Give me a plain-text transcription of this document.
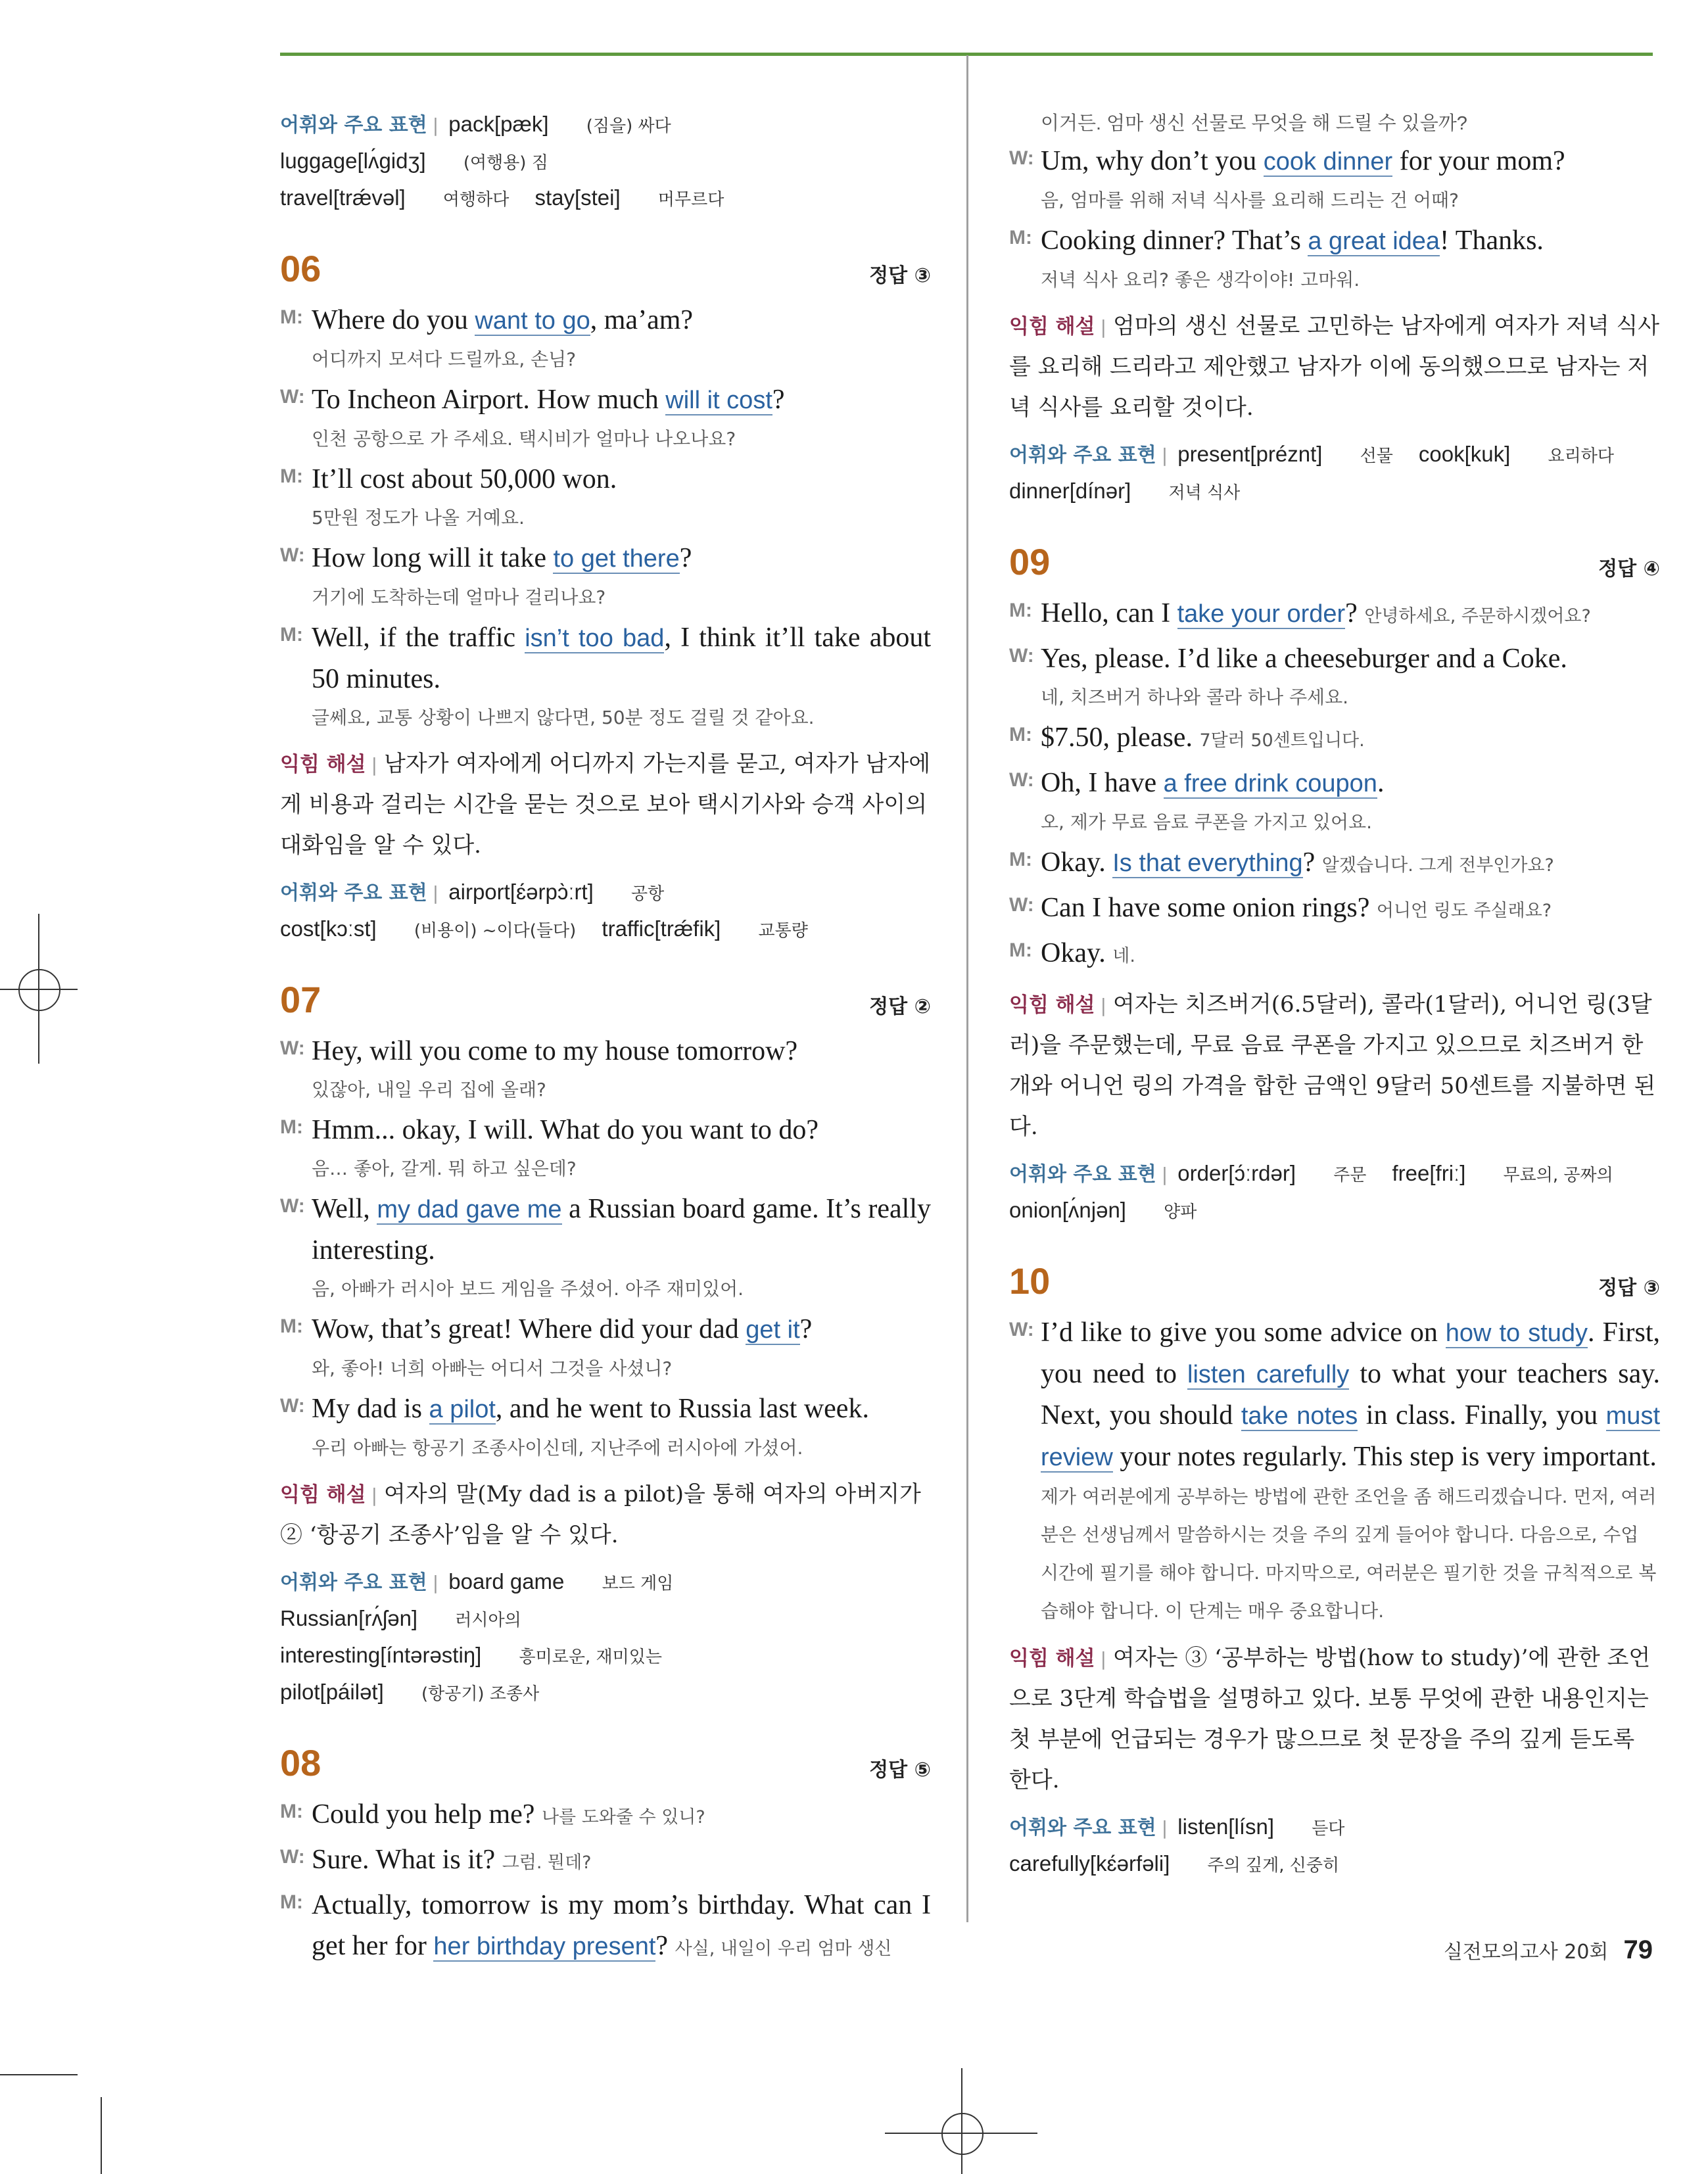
어휘와 주요 표현 | pack[pæk] (짐을) 싸다 luggage[lʌ́gidʒ] (여행용) 짐
travel[trǽvəl] 여행하다 stay[stei] 머무르다
06	정답 ③
M: Where do you want to go, ma’am?
어디까지 모셔다 드릴까요, 손님?
W: To Incheon Airport. How much will it cost?
인천 공항으로 가 주세요. 택시비가 얼마나 나오나요?
M: It’ll cost about 50,000 won.
5만원 정도가 나올 거예요.
W: How long will it take to get there?
거기에 도착하는데 얼마나 걸리나요?
M: Well, if the traffic isn’t too bad, I think it’ll take about 50 minutes.
글쎄요, 교통 상황이 나쁘지 않다면, 50분 정도 걸릴 것 같아요.
익힘 해설 | 남자가 여자에게 어디까지 가는지를 묻고, 여자가 남자에게 비용과 걸리는 시간을 묻는 것으로 보아 택시기사와 승객 사이의 대화임을 알 수 있다.
어휘와 주요 표현 | airport[ɛ́ərpɔ̀ːrt] 공항
cost[kɔːst] (비용이) ~이다(들다) traffic[trǽfik] 교통량
07	정답 ②
W: Hey, will you come to my house tomorrow?
있잖아, 내일 우리 집에 올래?
M: Hmm... okay, I will. What do you want to do?
음… 좋아, 갈게. 뭐 하고 싶은데?
W: Well, my dad gave me a Russian board game. It’s really interesting.
음, 아빠가 러시아 보드 게임을 주셨어. 아주 재미있어.
M: Wow, that’s great! Where did your dad get it?
와, 좋아! 너희 아빠는 어디서 그것을 사셨니?
W: My dad is a pilot, and he went to Russia last week.
우리 아빠는 항공기 조종사이신데, 지난주에 러시아에 가셨어.
익힘 해설 | 여자의 말(My dad is a pilot)을 통해 여자의 아버지가 ② ‘항공기 조종사’임을 알 수 있다.
어휘와 주요 표현 | board game 보드 게임 Russian[rʌ́ʃən] 러시아의
interesting[íntərəstiŋ] 흥미로운, 재미있는 pilot[páilət] (항공기) 조종사
08	정답 ⑤
M: Could you help me? 나를 도와줄 수 있니?
W: Sure. What is it? 그럼. 뭔데?
M: Actually, tomorrow is my mom’s birthday. What can I get her for her birthday present? 사실, 내일이 우리 엄마 생신
이거든. 엄마 생신 선물로 무엇을 해 드릴 수 있을까?
W: Um, why don’t you cook dinner for your mom?
음, 엄마를 위해 저녁 식사를 요리해 드리는 건 어때?
M: Cooking dinner? That’s a great idea! Thanks.
저녁 식사 요리? 좋은 생각이야! 고마워.
익힘 해설 | 엄마의 생신 선물로 고민하는 남자에게 여자가 저녁 식사를 요리해 드리라고 제안했고 남자가 이에 동의했으므로 남자는 저녁 식사를 요리할 것이다.
어휘와 주요 표현 | present[préznt] 선물 cook[kuk] 요리하다
dinner[dínər] 저녁 식사
09	정답 ④
M: Hello, can I take your order? 안녕하세요, 주문하시겠어요?
W: Yes, please. I’d like a cheeseburger and a Coke.
네, 치즈버거 하나와 콜라 하나 주세요.
M: $7.50, please. 7달러 50센트입니다.
W: Oh, I have a free drink coupon.
오, 제가 무료 음료 쿠폰을 가지고 있어요.
M: Okay. Is that everything? 알겠습니다. 그게 전부인가요?
W: Can I have some onion rings? 어니언 링도 주실래요?
M: Okay. 네.
익힘 해설 | 여자는 치즈버거(6.5달러), 콜라(1달러), 어니언 링(3달러)을 주문했는데, 무료 음료 쿠폰을 가지고 있으므로 치즈버거 한 개와 어니언 링의 가격을 합한 금액인 9달러 50센트를 지불하면 된다.
어휘와 주요 표현 | order[ɔ́ːrdər] 주문 free[friː] 무료의, 공짜의
onion[ʌ́njən] 양파
10	정답 ③
W: I’d like to give you some advice on how to study. First, you need to listen carefully to what your teachers say. Next, you should take notes in class. Finally, you must review your notes regularly. This step is very important.
제가 여러분에게 공부하는 방법에 관한 조언을 좀 해드리겠습니다. 먼저, 여러분은 선생님께서 말씀하시는 것을 주의 깊게 들어야 합니다. 다음으로, 수업 시간에 필기를 해야 합니다. 마지막으로, 여러분은 필기한 것을 규칙적으로 복습해야 합니다. 이 단계는 매우 중요합니다.
익힘 해설 | 여자는 ③ ‘공부하는 방법(how to study)’에 관한 조언으로 3단계 학습법을 설명하고 있다. 보통 무엇에 관한 내용인지는 첫 부분에 언급되는 경우가 많으므로 첫 문장을 주의 깊게 듣도록 한다.
어휘와 주요 표현 | listen[lísn] 듣다 carefully[kɛ́ərfəli] 주의 깊게, 신중히
실전모의고사 20회 79
